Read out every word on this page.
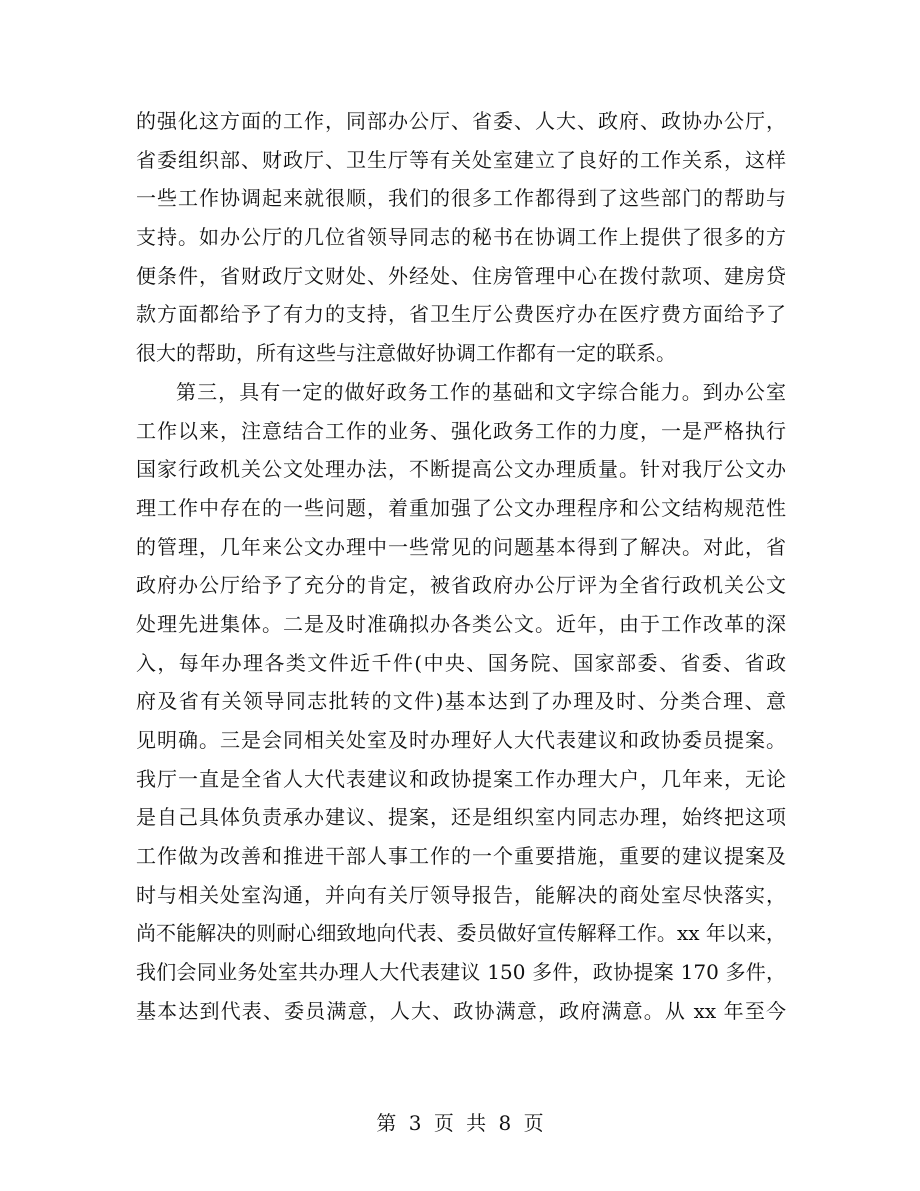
的强化这方面的工作，同部办公厅、省委、人大、政府、政协办公厅，
省委组织部、财政厅、卫生厅等有关处室建立了良好的工作关系，这样
一些工作协调起来就很顺，我们的很多工作都得到了这些部门的帮助与
支持。如办公厅的几位省领导同志的秘书在协调工作上提供了很多的方
便条件，省财政厅文财处、外经处、住房管理中心在拨付款项、建房贷
款方面都给予了有力的支持，省卫生厅公费医疗办在医疗费方面给予了
很大的帮助，所有这些与注意做好协调工作都有一定的联系。
第三，具有一定的做好政务工作的基础和文字综合能力。到办公室
工作以来，注意结合工作的业务、强化政务工作的力度，一是严格执行
国家行政机关公文处理办法，不断提高公文办理质量。针对我厅公文办
理工作中存在的一些问题，着重加强了公文办理程序和公文结构规范性
的管理，几年来公文办理中一些常见的问题基本得到了解决。对此，省
政府办公厅给予了充分的肯定，被省政府办公厅评为全省行政机关公文
处理先进集体。二是及时准确拟办各类公文。近年，由于工作改革的深
入，每年办理各类文件近千件(中央、国务院、国家部委、省委、省政
府及省有关领导同志批转的文件)基本达到了办理及时、分类合理、意
见明确。三是会同相关处室及时办理好人大代表建议和政协委员提案。
我厅一直是全省人大代表建议和政协提案工作办理大户，几年来，无论
是自己具体负责承办建议、提案，还是组织室内同志办理，始终把这项
工作做为改善和推进干部人事工作的一个重要措施，重要的建议提案及
时与相关处室沟通，并向有关厅领导报告，能解决的商处室尽快落实，
尚不能解决的则耐心细致地向代表、委员做好宣传解释工作。xx 年以来，
我们会同业务处室共办理人大代表建议 150 多件，政协提案 170 多件，
基本达到代表、委员满意，人大、政协满意，政府满意。从 xx 年至今
第 3 页 共 8 页
